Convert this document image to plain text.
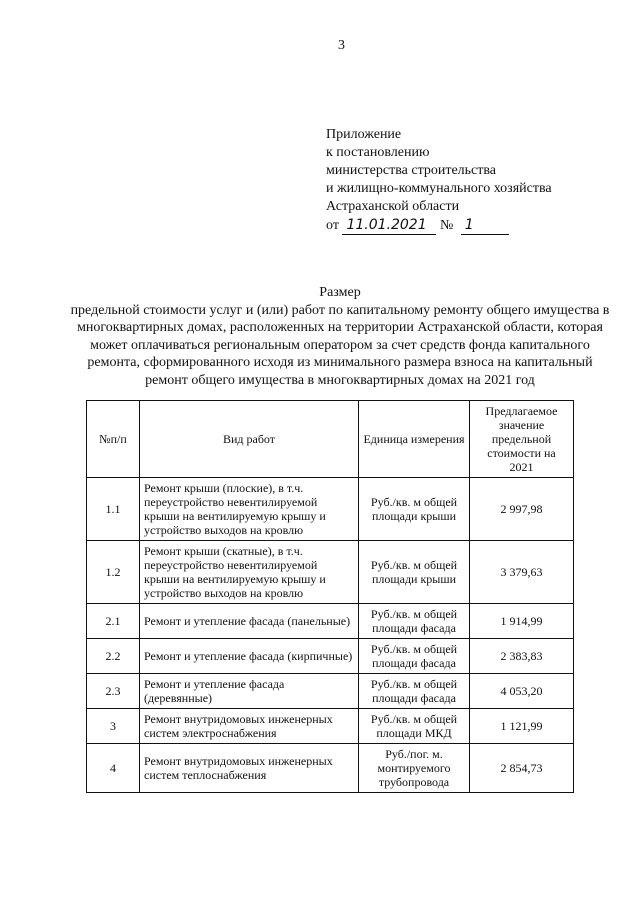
3
Приложение
к постановлению
министерства строительства
и жилищно-коммунального хозяйства
Астраханской области
от 11.01.2021 № 1
Размер
предельной стоимости услуг и (или) работ по капитальному ремонту общего имущества в многоквартирных домах, расположенных на территории Астраханской области, которая может оплачиваться региональным оператором за счет средств фонда капитального ремонта, сформированного исходя из минимального размера взноса на капитальный ремонт общего имущества в многоквартирных домах на 2021 год
№п/п	Вид работ	Единица измерения	Предлагаемое значение предельной стоимости на 2021
1.1	Ремонт крыши (плоские), в т.ч. переустройство невентилируемой крыши на вентилируемую крышу и устройство выходов на кровлю	Руб./кв. м общей площади крыши	2 997,98
1.2	Ремонт крыши (скатные), в т.ч. переустройство невентилируемой крыши на вентилируемую крышу и устройство выходов на кровлю	Руб./кв. м общей площади крыши	3 379,63
2.1	Ремонт и утепление фасада (панельные)	Руб./кв. м общей площади фасада	1 914,99
2.2	Ремонт и утепление фасада (кирпичные)	Руб./кв. м общей площади фасада	2 383,83
2.3	Ремонт и утепление фасада (деревянные)	Руб./кв. м общей площади фасада	4 053,20
3	Ремонт внутридомовых инженерных систем электроснабжения	Руб./кв. м общей площади МКД	1 121,99
4	Ремонт внутридомовых инженерных систем теплоснабжения	Руб./пог. м. монтируемого трубопровода	2 854,73
